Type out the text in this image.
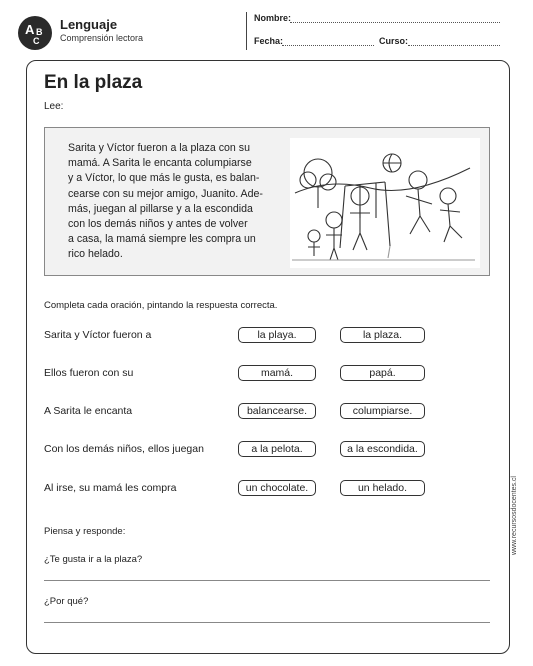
A B
C
Lenguaje
Comprensión lectora
Nombre:
Fecha:	Curso:
En la plaza
Lee:
Sarita y Víctor fueron a la plaza con su
mamá. A Sarita le encanta columpiarse
y a Víctor, lo que más le gusta, es balan-
cearse con su mejor amigo, Juanito. Ade-
más, juegan al pillarse y a la escondida
con los demás niños y antes de volver
a casa, la mamá siempre les compra un
rico helado.
Completa cada oración, pintando la respuesta correcta.
Sarita y Víctor fueron a	la playa.	la plaza.
Ellos fueron con su	mamá.	papá.
A Sarita le encanta	balancearse.	columpiarse.
Con los demás niños, ellos juegan	a la pelota.	a la escondida.
Al irse, su mamá les compra	un chocolate.	un helado.
Piensa y responde:
¿Te gusta ir a la plaza?
¿Por qué?
www.recursosdocentes.cl
